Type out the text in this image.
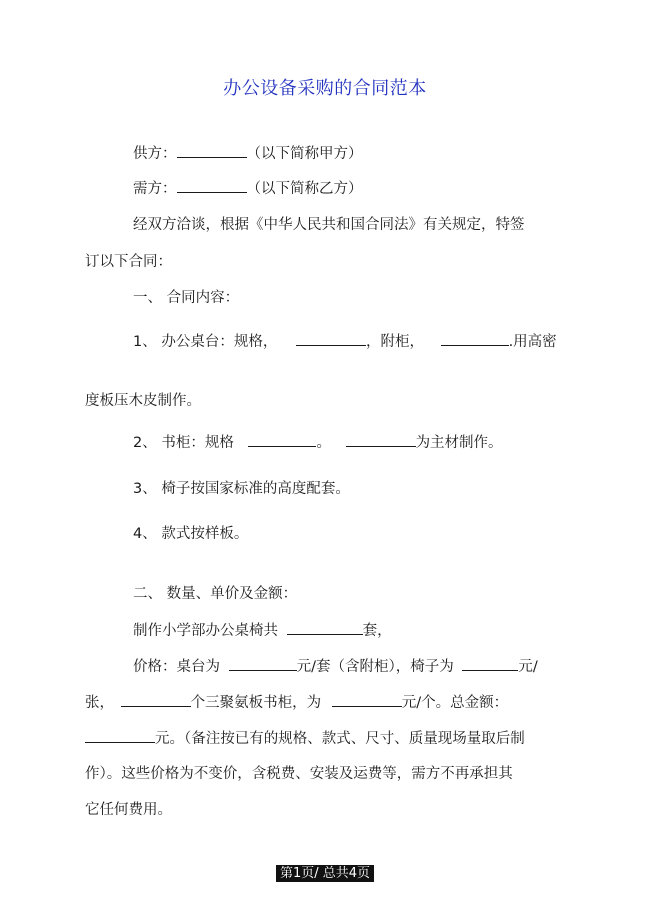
办公设备采购的合同范本
供方：	（以下简称甲方）
需方：	（以下简称乙方）
经双方洽谈，根据《中华人民共和国合同法》有关规定，特签
订以下合同：
一、 合同内容：
1、 办公桌台：规格，	，附柜，	.用高密
度板压木皮制作。
2、 书柜：规格	。	为主材制作。
3、 椅子按国家标准的高度配套。
4、 款式按样板。
二、 数量、单价及金额：
制作小学部办公桌椅共	套，
价格：桌台为	元/套（含附柜），椅子为	元/
张，	个三聚氨板书柜，为	元/个。总金额：
元。（备注按已有的规格、款式、尺寸、质量现场量取后制
作）。这些价格为不变价，含税费、安装及运费等，需方不再承担其
它任何费用。
第1页/ 总共4页
